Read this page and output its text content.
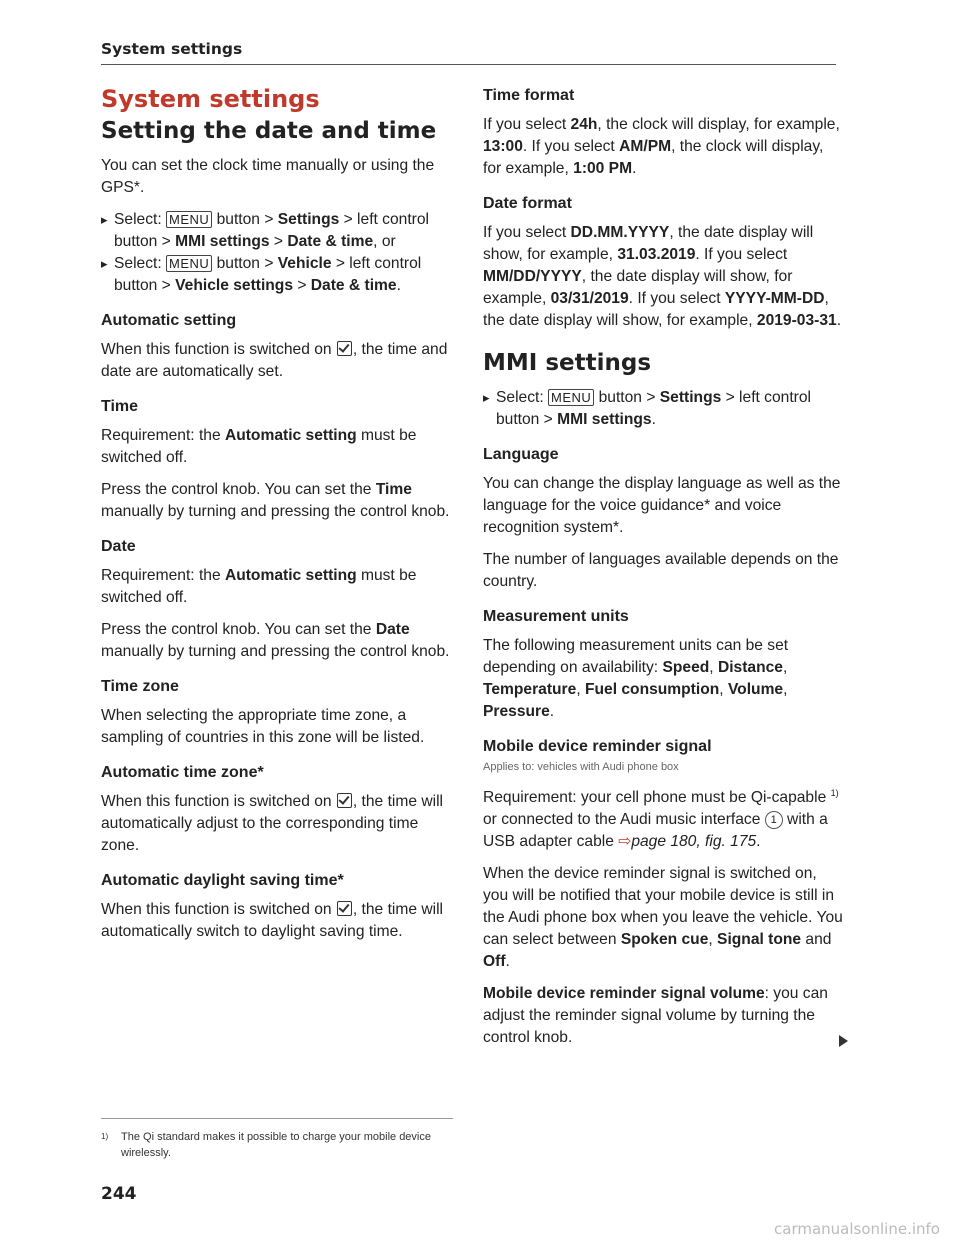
System settings
System settings
Setting the date and time

You can set the clock time manually or using the GPS*.

▸ Select: MENU button > Settings > left control button > MMI settings > Date & time, or

▸ Select: MENU button > Vehicle > left control button > Vehicle settings > Date & time.

Automatic setting

When this function is switched on , the time and date are automatically set.

Time

Requirement: the Automatic setting must be switched off.

Press the control knob. You can set the Time manually by turning and pressing the control knob.

Date

Requirement: the Automatic setting must be switched off.

Press the control knob. You can set the Date manually by turning and pressing the control knob.

Time zone

When selecting the appropriate time zone, a sampling of countries in this zone will be listed.

Automatic time zone*

When this function is switched on , the time will automatically adjust to the corresponding time zone.

Automatic daylight saving time*

When this function is switched on , the time will automatically switch to daylight saving time.

Time format

If you select 24h, the clock will display, for example, 13:00. If you select AM/PM, the clock will display, for example, 1:00 PM.

Date format

If you select DD.MM.YYYY, the date display will show, for example, 31.03.2019. If you select MM/DD/YYYY, the date display will show, for example, 03/31/2019. If you select YYYY-MM-DD, the date display will show, for example, 2019-03-31.

MMI settings

▸ Select: MENU button > Settings > left control button > MMI settings.

Language

You can change the display language as well as the language for the voice guidance* and voice recognition system*.

The number of languages available depends on the country.

Measurement units

The following measurement units can be set depending on availability: Speed, Distance, Temperature, Fuel consumption, Volume, Pressure.

Mobile device reminder signal

Applies to: vehicles with Audi phone box

Requirement: your cell phone must be Qi-capable $^{1)}$ or connected to the Audi music interface 1 with a USB adapter cable ⇨page 180, fig. 175.

When the device reminder signal is switched on, you will be notified that your mobile device is still in the Audi phone box when you leave the vehicle. You can select between Spoken cue, Signal tone and Off.

Mobile device reminder signal volume: you can adjust the reminder signal volume by turning the control knob.

1)	The Qi standard makes it possible to charge your mobile device wirelessly.
244
carmanualsonline.info
